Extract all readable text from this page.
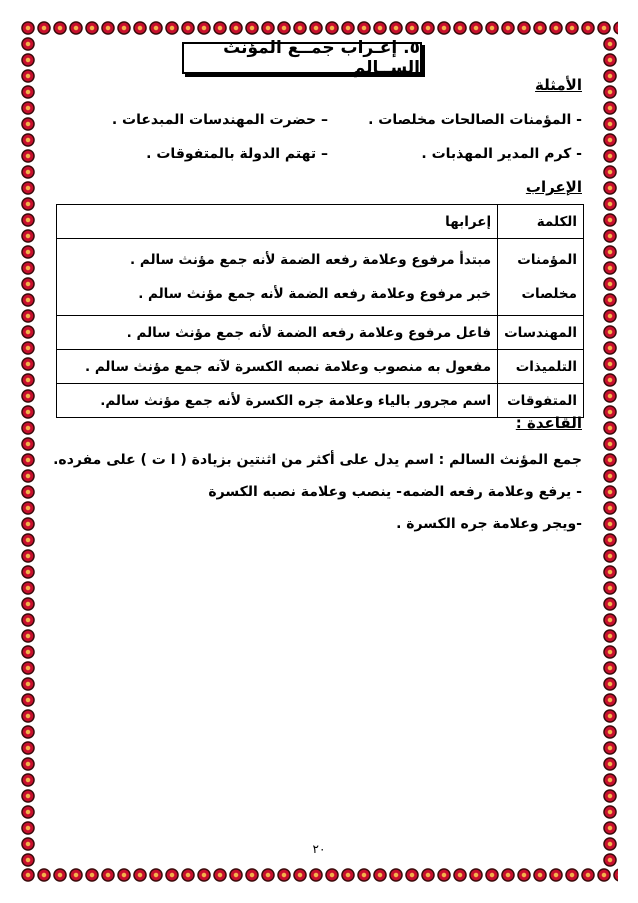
٥. إعـراب جمــع المؤنث الســالم
الأمثلة
- المؤمنات الصالحات مخلصات .
– حضرت المهندسات المبدعات .
- كرم المدير المهذبات .
– تهتم الدولة بالمتفوقات .
الإعراب
الكلمة	إعرابها
المؤمنات	مبتدأ مرفوع وعلامة رفعه الضمة لأنه جمع مؤنث سالم .
مخلصات	خبر مرفوع وعلامة رفعه الضمة لأنه جمع مؤنث سالم .
المهندسات	فاعل مرفوع وعلامة رفعه الضمة لأنه جمع مؤنث سالم .
التلميذات	مفعول به منصوب وعلامة نصبه الكسرة لآنه جمع مؤنث سالم .
المتفوقات	اسم مجرور بالياء وعلامة جره الكسرة لأنه جمع مؤنث سالم.
القاعدة :
جمع المؤنث السالم : اسم يدل على أكثر من اثنتين بزيادة ( ا ت ) على مفرده.
- يرفع وعلامة رفعه الضمه
- ينصب وعلامة نصبه الكسرة
-ويجر وعلامة جره الكسرة .
٢٠
